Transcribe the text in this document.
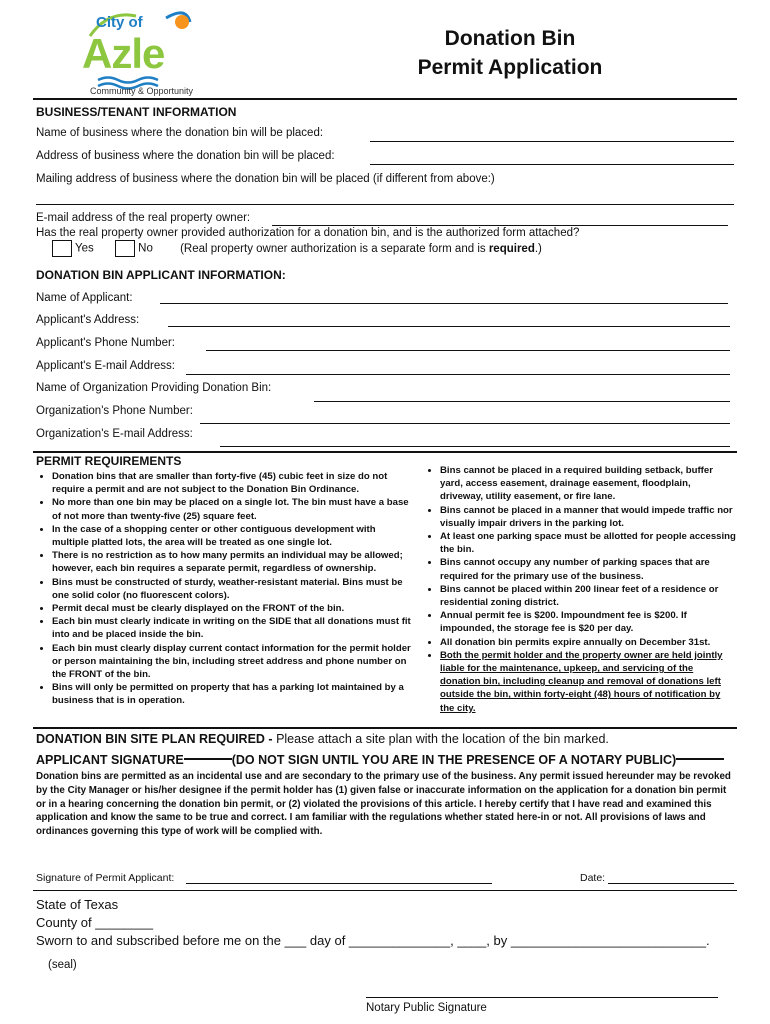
City of
Azle
Community & Opportunity
Donation Bin
Permit Application
BUSINESS/TENANT INFORMATION
Name of business where the donation bin will be placed:
Address of business where the donation bin will be placed:
Mailing address of business where the donation bin will be placed (if different from above:)
E-mail address of the real property owner:
Has the real property owner provided authorization for a donation bin, and is the authorized form attached?
Yes	No (Real property owner authorization is a separate form and is required.)
DONATION BIN APPLICANT INFORMATION:
Name of Applicant:
Applicant's Address:
Applicant's Phone Number:
Applicant's E-mail Address:
Name of Organization Providing Donation Bin:
Organization's Phone Number:
Organization's E-mail Address:
PERMIT REQUIREMENTS
• Donation bins that are smaller than forty-five (45) cubic feet in size do not require a permit and are not subject to the Donation Bin Ordinance.
• No more than one bin may be placed on a single lot. The bin must have a base of not more than twenty-five (25) square feet.
• In the case of a shopping center or other contiguous development with multiple platted lots, the area will be treated as one single lot.
• There is no restriction as to how many permits an individual may be allowed; however, each bin requires a separate permit, regardless of ownership.
• Bins must be constructed of sturdy, weather-resistant material. Bins must be one solid color (no fluorescent colors).
• Permit decal must be clearly displayed on the FRONT of the bin.
• Each bin must clearly indicate in writing on the SIDE that all donations must fit into and be placed inside the bin.
• Each bin must clearly display current contact information for the permit holder or person maintaining the bin, including street address and phone number on the FRONT of the bin.
• Bins will only be permitted on property that has a parking lot maintained by a business that is in operation.
• Bins cannot be placed in a required building setback, buffer yard, access easement, drainage easement, floodplain, driveway, utility easement, or fire lane.
• Bins cannot be placed in a manner that would impede traffic nor visually impair drivers in the parking lot.
• At least one parking space must be allotted for people accessing the bin.
• Bins cannot occupy any number of parking spaces that are required for the primary use of the business.
• Bins cannot be placed within 200 linear feet of a residence or residential zoning district.
• Annual permit fee is $200. Impoundment fee is $200. If impounded, the storage fee is $20 per day.
• All donation bin permits expire annually on December 31st.
• Both the permit holder and the property owner are held jointly liable for the maintenance, upkeep, and servicing of the donation bin, including cleanup and removal of donations left outside the bin, within forty-eight (48) hours of notification by the city.
DONATION BIN SITE PLAN REQUIRED - Please attach a site plan with the location of the bin marked.
APPLICANT SIGNATURE	(DO NOT SIGN UNTIL YOU ARE IN THE PRESENCE OF A NOTARY PUBLIC)
Donation bins are permitted as an incidental use and are secondary to the primary use of the business. Any permit issued hereunder may be revoked by the City Manager or his/her designee if the permit holder has (1) given false or inaccurate information on the application for a donation bin permit or in a hearing concerning the donation bin permit, or (2) violated the provisions of this article. I hereby certify that I have read and examined this application and know the same to be true and correct. I am familiar with the regulations whether stated here-in or not. All provisions of laws and ordinances governing this type of work will be complied with.
Signature of Permit Applicant:	Date:
State of Texas
County of ________
Sworn to and subscribed before me on the ___ day of ______________, ____, by ___________________________.
(seal)
Notary Public Signature
